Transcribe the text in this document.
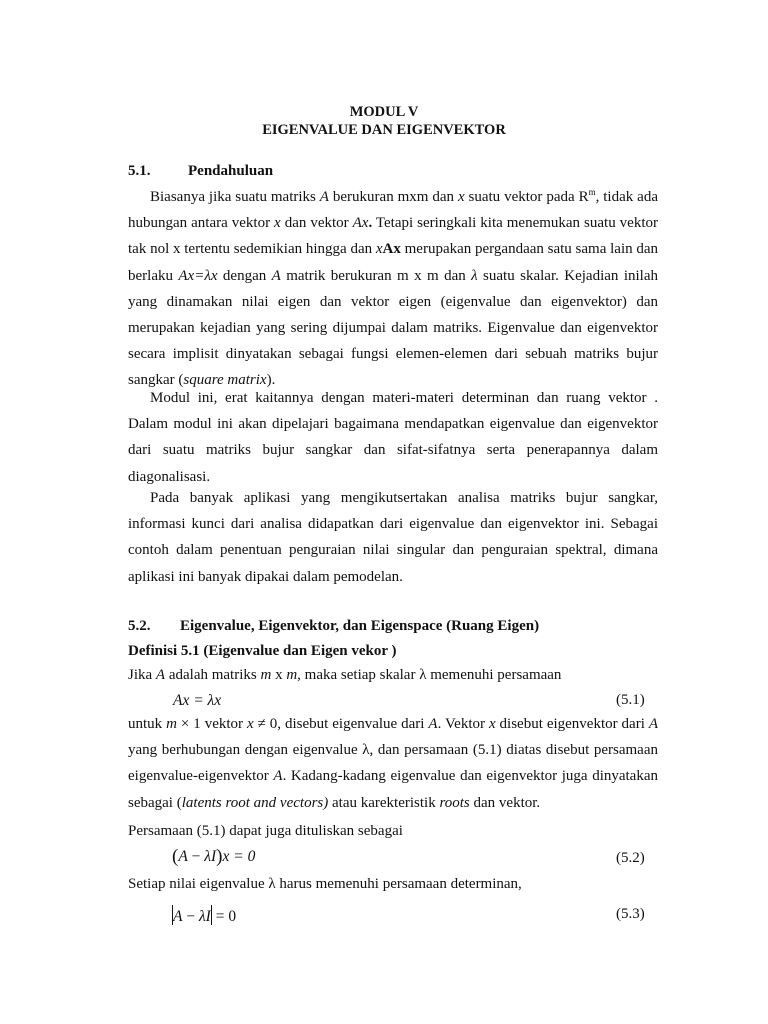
MODUL V
EIGENVALUE DAN EIGENVEKTOR
5.1.	Pendahuluan
Biasanya jika suatu matriks A berukuran mxm dan x suatu vektor pada $R^m$, tidak ada hubungan antara vektor x dan vektor Ax. Tetapi seringkali kita menemukan suatu vektor tak nol x tertentu sedemikian hingga dan xAx merupakan pergandaan satu sama lain dan berlaku Ax=λx dengan A matrik berukuran m x m dan λ suatu skalar. Kejadian inilah yang dinamakan nilai eigen dan vektor eigen (eigenvalue dan eigenvektor) dan merupakan kejadian yang sering dijumpai dalam matriks. Eigenvalue dan eigenvektor secara implisit dinyatakan sebagai fungsi elemen-elemen dari sebuah matriks bujur sangkar (square matrix).
Modul ini, erat kaitannya dengan materi-materi determinan dan ruang vektor . Dalam modul ini akan dipelajari bagaimana mendapatkan eigenvalue dan eigenvektor dari suatu matriks bujur sangkar dan sifat-sifatnya serta penerapannya dalam diagonalisasi.
Pada banyak aplikasi yang mengikutsertakan analisa matriks bujur sangkar, informasi kunci dari analisa didapatkan dari eigenvalue dan eigenvektor ini. Sebagai contoh dalam penentuan penguraian nilai singular dan penguraian spektral, dimana aplikasi ini banyak dipakai dalam pemodelan.
5.2. Eigenvalue, Eigenvektor, dan Eigenspace (Ruang Eigen)
Definisi 5.1 (Eigenvalue dan Eigen vekor )
Jika A adalah matriks m x m, maka setiap skalar λ memenuhi persamaan
Ax = λx	(5.1)
untuk m × 1 vektor x ≠ 0, disebut eigenvalue dari A. Vektor x disebut eigenvektor dari A yang berhubungan dengan eigenvalue λ, dan persamaan (5.1) diatas disebut persamaan eigenvalue-eigenvektor A. Kadang-kadang eigenvalue dan eigenvektor juga dinyatakan sebagai (latents root and vectors) atau karekteristik roots dan vektor.
Persamaan (5.1) dapat juga dituliskan sebagai
(A − λI)x = 0	(5.2)
Setiap nilai eigenvalue λ harus memenuhi persamaan determinan,
A − λI = 0	(5.3)
